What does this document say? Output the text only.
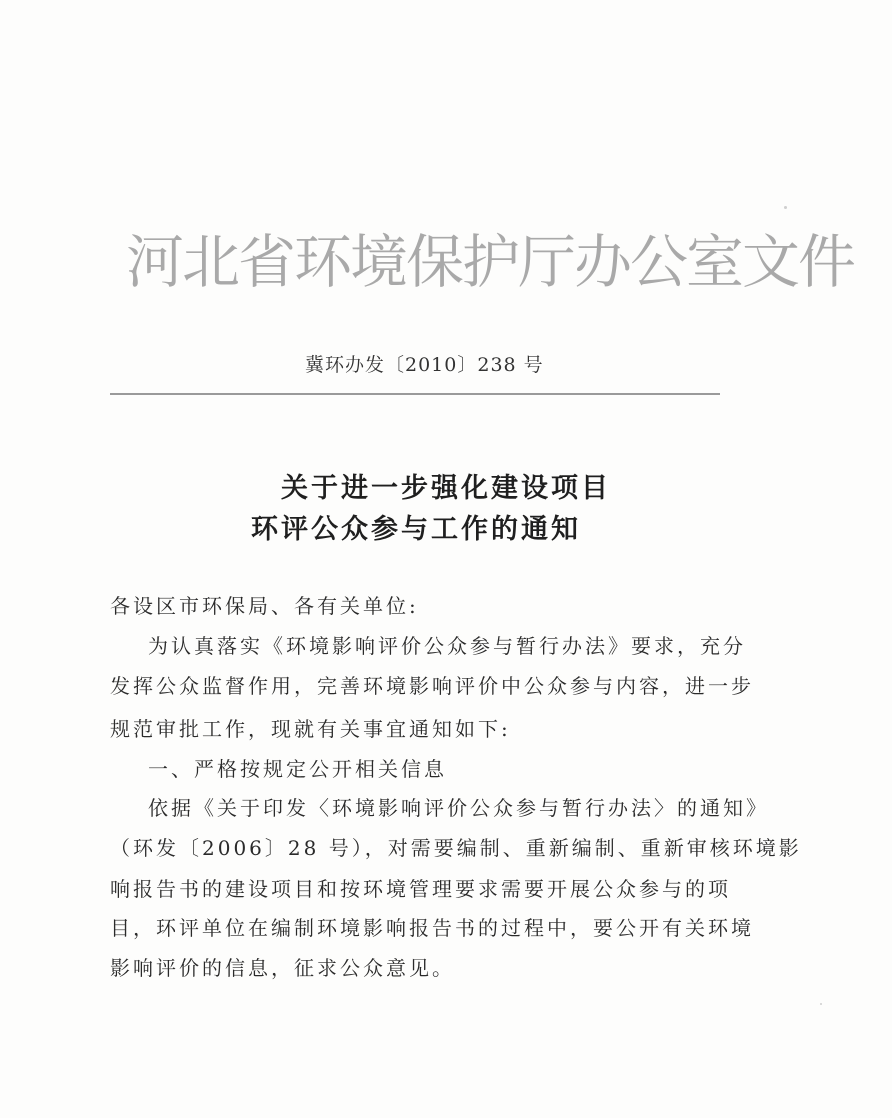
河北省环境保护厅办公室文件
冀环办发〔2010〕238 号
关于进一步强化建设项目
环评公众参与工作的通知
各设区市环保局、各有关单位:
为认真落实《环境影响评价公众参与暂行办法》要求，充分
发挥公众监督作用，完善环境影响评价中公众参与内容，进一步
规范审批工作，现就有关事宜通知如下:
一、严格按规定公开相关信息
依据《关于印发〈环境影响评价公众参与暂行办法〉的通知》
（环发〔2006〕28 号），对需要编制、重新编制、重新审核环境影
响报告书的建设项目和按环境管理要求需要开展公众参与的项
目，环评单位在编制环境影响报告书的过程中，要公开有关环境
影响评价的信息，征求公众意见。
